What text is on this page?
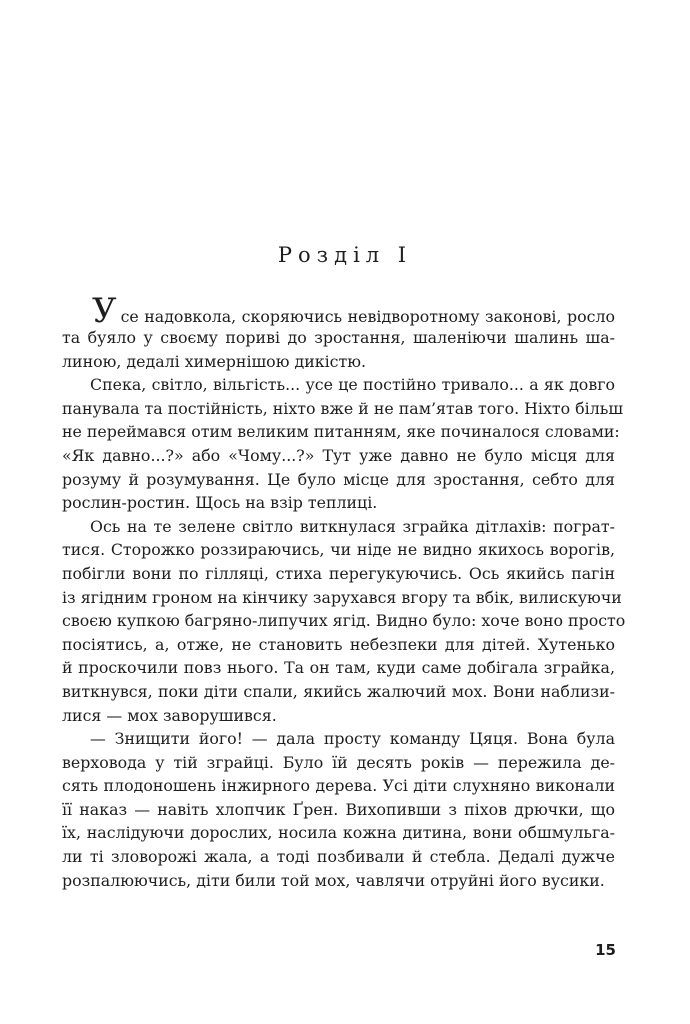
Розділ I
Усе надовкола, скоряючись невідворотному законові, росло
та буяло у своєму пориві до зростання, шаленіючи шалинь ша-
линою, дедалі химернішою дикістю.
Спека, світло, вільгість... усе це постійно тривало... а як довго
панувала та постійність, ніхто вже й не пам’ятав того. Ніхто більш
не переймався отим великим питанням, яке починалося словами:
«Як давно...?» або «Чому...?» Тут уже давно не було місця для
розуму й розумування. Це було місце для зростання, себто для
рослин-ростин. Щось на взір теплиці.
Ось на те зелене світло виткнулася зграйка дітлахів: пограт-
тися. Сторожко роззираючись, чи ніде не видно якихось ворогів,
побігли вони по гілляці, стиха перегукуючись. Ось якийсь пагін
із ягідним гроном на кінчику зарухався вгору та вбік, вилискуючи
своєю купкою багряно-липучих ягід. Видно було: хоче воно просто
посіятись, а, отже, не становить небезпеки для дітей. Хутенько
й проскочили повз нього. Та он там, куди саме добігала зграйка,
виткнувся, поки діти спали, якийсь жалючий мох. Вони наблизи-
лися — мох заворушився.
— Знищити його! — дала просту команду Цяця. Вона була
верховода у тій зграйці. Було їй десять років — пережила де-
сять плодоношень інжирного дерева. Усі діти слухняно виконали
її наказ — навіть хлопчик Ґрен. Вихопивши з піхов дрючки, що
їх, наслідуючи дорослих, носила кожна дитина, вони обшмульга-
ли ті зловорожі жала, а тоді позбивали й стебла. Дедалі дужче
розпалюючись, діти били той мох, чавлячи отруйні його вусики.
15
